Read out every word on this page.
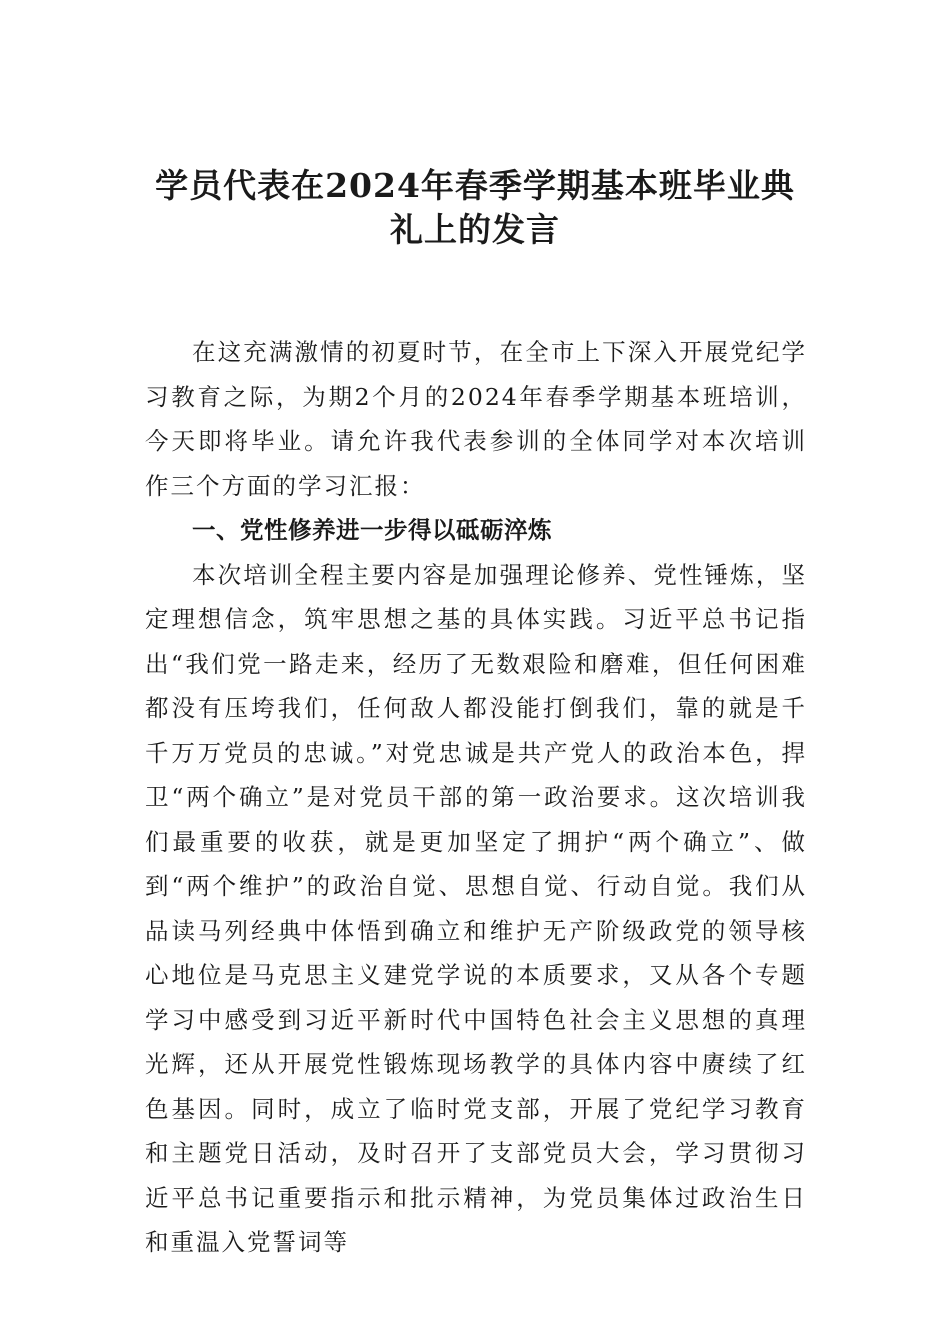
学员代表在2024年春季学期基本班毕业典
礼上的发言

在这充满激情的初夏时节，在全市上下深入开展党纪学习教育之际，为期2个月的2024年春季学期基本班培训，今天即将毕业。请允许我代表参训的全体同学对本次培训作三个方面的学习汇报：

一、党性修养进一步得以砥砺淬炼

本次培训全程主要内容是加强理论修养、党性锤炼，坚定理想信念，筑牢思想之基的具体实践。习近平总书记指出“我们党一路走来，经历了无数艰险和磨难，但任何困难都没有压垮我们，任何敌人都没能打倒我们，靠的就是千千万万党员的忠诚。”对党忠诚是共产党人的政治本色，捍卫“两个确立”是对党员干部的第一政治要求。这次培训我们最重要的收获，就是更加坚定了拥护“两个确立”、做到“两个维护”的政治自觉、思想自觉、行动自觉。我们从品读马列经典中体悟到确立和维护无产阶级政党的领导核心地位是马克思主义建党学说的本质要求，又从各个专题学习中感受到习近平新时代中国特色社会主义思想的真理光辉，还从开展党性锻炼现场教学的具体内容中赓续了红色基因。同时，成立了临时党支部，开展了党纪学习教育和主题党日活动，及时召开了支部党员大会，学习贯彻习近平总书记重要指示和批示精神，为党员集体过政治生日和重温入党誓词等
